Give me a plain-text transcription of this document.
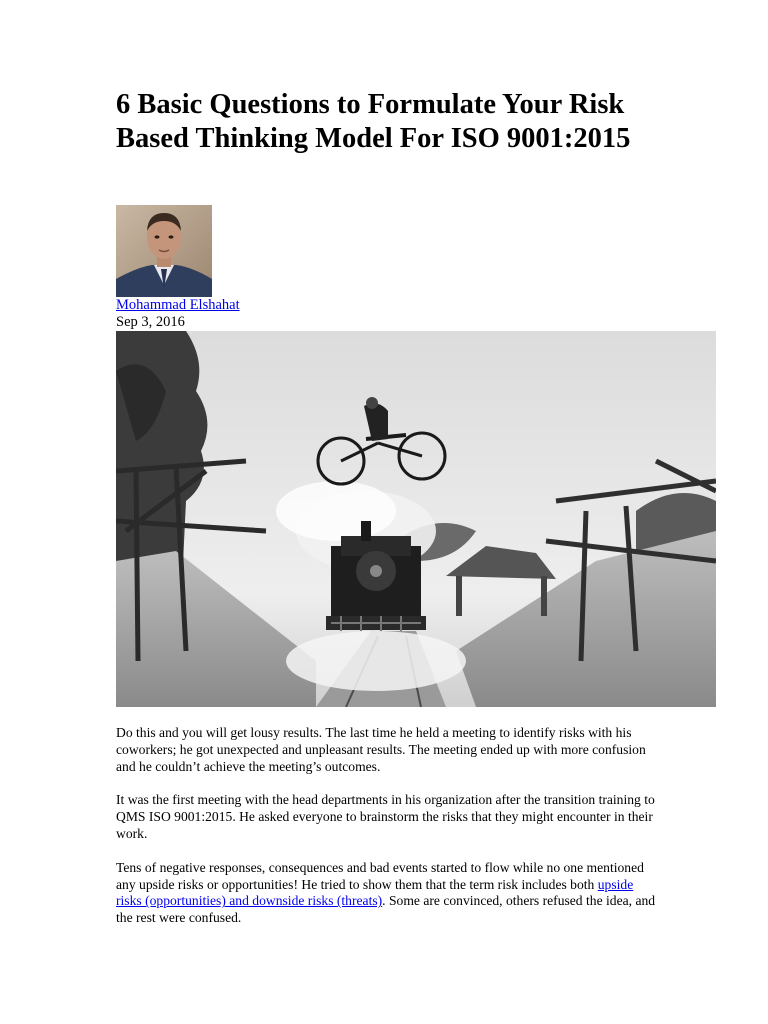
6 Basic Questions to Formulate Your Risk Based Thinking Model For ISO 9001:2015
Mohammad Elshahat
Sep 3, 2016

Do this and you will get lousy results. The last time he held a meeting to identify risks with his coworkers; he got unexpected and unpleasant results. The meeting ended up with more confusion and he couldn’t achieve the meeting’s outcomes.

It was the first meeting with the head departments in his organization after the transition training to QMS ISO 9001:2015. He asked everyone to brainstorm the risks that they might encounter in their work.

Tens of negative responses, consequences and bad events started to flow while no one mentioned any upside risks or opportunities! He tried to show them that the term risk includes both upside risks (opportunities) and downside risks (threats). Some are convinced, others refused the idea, and the rest were confused.
